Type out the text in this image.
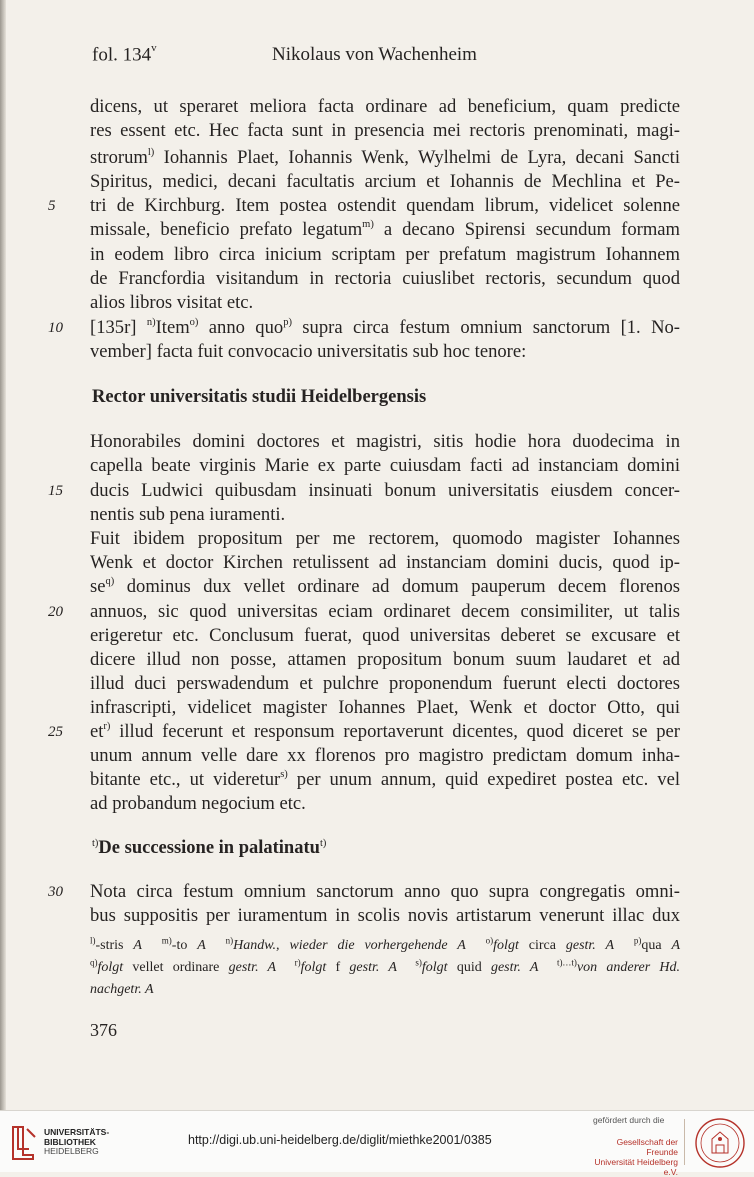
fol. 134$^v$	Nikolaus von Wachenheim
dicens, ut speraret meliora facta ordinare ad beneficium, quam predicte
res essent etc. Hec facta sunt in presencia mei rectoris prenominati, magi-
strorum$^{l)}$ Iohannis Plaet, Iohannis Wenk, Wylhelmi de Lyra, decani Sancti
Spiritus, medici, decani facultatis arcium et Iohannis de Mechlina et Pe-
5	tri de Kirchburg. Item postea ostendit quendam librum, videlicet solenne
missale, beneficio prefato legatum$^{m)}$ a decano Spirensi secundum formam
in eodem libro circa inicium scriptam per prefatum magistrum Iohannem
de Francfordia visitandum in rectoria cuiuslibet rectoris, secundum quod
alios libros visitat etc.
10	[135r] $^{n)}$Item$^{o)}$ anno quo$^{p)}$ supra circa festum omnium sanctorum [1. No-
vember] facta fuit convocacio universitatis sub hoc tenore:
Rector universitatis studii Heidelbergensis
Honorabiles domini doctores et magistri, sitis hodie hora duodecima in
capella beate virginis Marie ex parte cuiusdam facti ad instanciam domini
15	ducis Ludwici quibusdam insinuati bonum universitatis eiusdem concer-
nentis sub pena iuramenti.
Fuit ibidem propositum per me rectorem, quomodo magister Iohannes
Wenk et doctor Kirchen retulissent ad instanciam domini ducis, quod ip-
$se^{q)}$ dominus dux vellet ordinare ad domum pauperum decem florenos
20	annuos, sic quod universitas eciam ordinaret decem consimiliter, ut talis
erigeretur etc. Conclusum fuerat, quod universitas deberet se excusare et
dicere illud non posse, attamen propositum bonum suum laudaret et ad
illud duci perswadendum et pulchre proponendum fuerunt electi doctores
infrascripti, videlicet magister Iohannes Plaet, Wenk et doctor Otto, qui
25	$et^{r)}$ illud fecerunt et responsum reportaverunt dicentes, quod diceret se per
unum annum velle dare xx florenos pro magistro predictam domum inha-
bitante etc., ut videretur$^{s)}$ per unum annum, quid expediret postea etc. vel
ad probandum negocium etc.
$^{t)}$De successione in palatinatu$^{t)}$
30	Nota circa festum omnium sanctorum anno quo supra congregatis omni-
bus suppositis per iuramentum in scolis novis artistarum venerunt illac dux
$^{l)}$-stris A $^{m)}$-to A $^{n)}$Handw., wieder die vorhergehende A $^{o)}$folgt circa gestr. A $^{p)}$qua A
$^{q)}$folgt vellet ordinare gestr. A $^{r)}$folgt f gestr. A $^{s)}$folgt quid gestr. A $^{t)\dots t)}$von anderer Hd.
nachgetr. A
376
UNIVERSITÄTS-
BIBLIOTHEK
HEIDELBERG
http://digi.ub.uni-heidelberg.de/diglit/miethke2001/0385
gefördert durch die
Gesellschaft der Freunde
Universität Heidelberg e.V.
